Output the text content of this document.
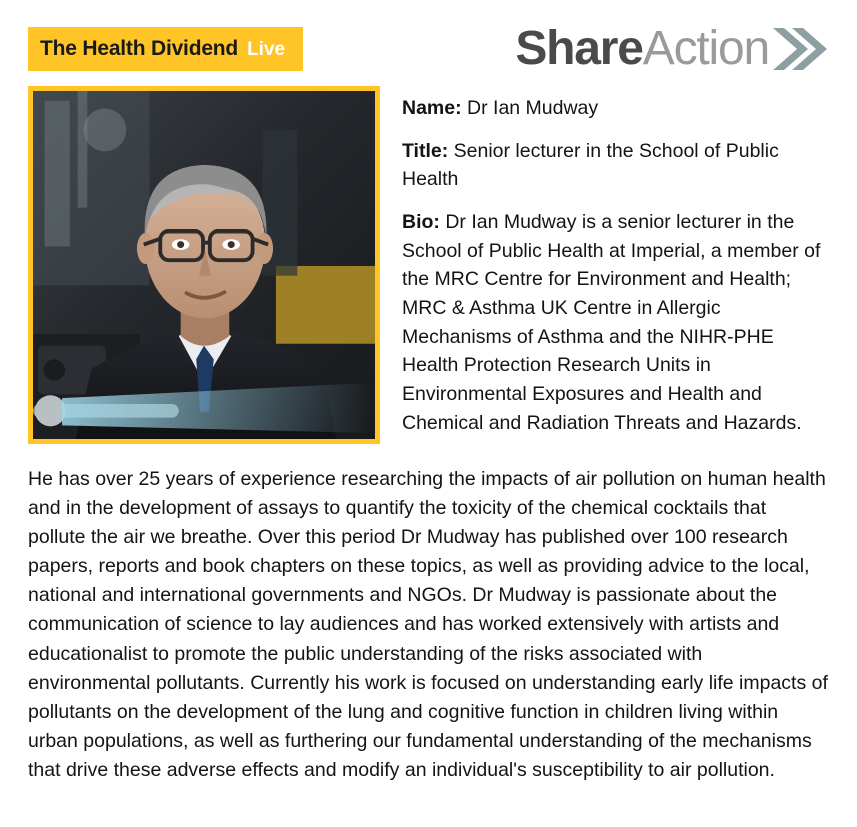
The Health Dividend Live	Share Action

Name: Dr Ian Mudway

Title: Senior lecturer in the School of Public Health

Bio: Dr Ian Mudway is a senior lecturer in the School of Public Health at Imperial, a member of the MRC Centre for Environment and Health; MRC & Asthma UK Centre in Allergic Mechanisms of Asthma and the NIHR-PHE Health Protection Research Units in Environmental Exposures and Health and Chemical and Radiation Threats and Hazards.

He has over 25 years of experience researching the impacts of air pollution on human health and in the development of assays to quantify the toxicity of the chemical cocktails that pollute the air we breathe. Over this period Dr Mudway has published over 100 research papers, reports and book chapters on these topics, as well as providing advice to the local, national and international governments and NGOs. Dr Mudway is passionate about the communication of science to lay audiences and has worked extensively with artists and educationalist to promote the public understanding of the risks associated with environmental pollutants. Currently his work is focused on understanding early life impacts of pollutants on the development of the lung and cognitive function in children living within urban populations, as well as furthering our fundamental understanding of the mechanisms that drive these adverse effects and modify an individual's susceptibility to air pollution.
